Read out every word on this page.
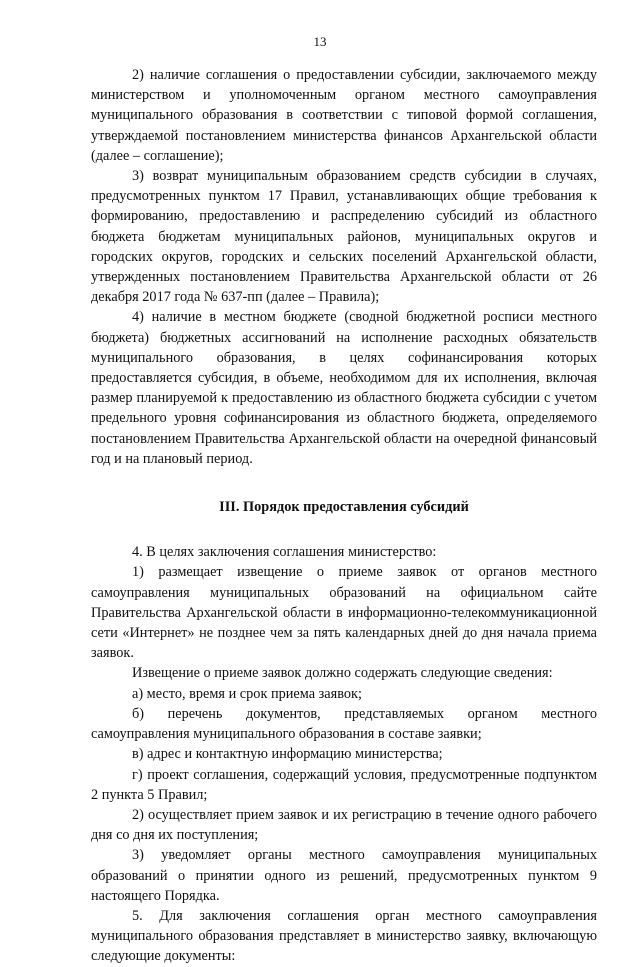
13

2) наличие соглашения о предоставлении субсидии, заключаемого между министерством и уполномоченным органом местного самоуправления муниципального образования в соответствии с типовой формой соглашения, утверждаемой постановлением министерства финансов Архангельской области (далее – соглашение);

3) возврат муниципальным образованием средств субсидии в случаях, предусмотренных пунктом 17 Правил, устанавливающих общие требования к формированию, предоставлению и распределению субсидий из областного бюджета бюджетам муниципальных районов, муниципальных округов и городских округов, городских и сельских поселений Архангельской области, утвержденных постановлением Правительства Архангельской области от 26 декабря 2017 года № 637-пп (далее – Правила);

4) наличие в местном бюджете (сводной бюджетной росписи местного бюджета) бюджетных ассигнований на исполнение расходных обязательств муниципального образования, в целях софинансирования которых предоставляется субсидия, в объеме, необходимом для их исполнения, включая размер планируемой к предоставлению из областного бюджета субсидии с учетом предельного уровня софинансирования из областного бюджета, определяемого постановлением Правительства Архангельской области на очередной финансовый год и на плановый период.

III. Порядок предоставления субсидий

4. В целях заключения соглашения министерство:

1) размещает извещение о приеме заявок от органов местного самоуправления муниципальных образований на официальном сайте Правительства Архангельской области в информационно-телекоммуникационной сети «Интернет» не позднее чем за пять календарных дней до дня начала приема заявок.

Извещение о приеме заявок должно содержать следующие сведения:

а) место, время и срок приема заявок;

б) перечень документов, представляемых органом местного самоуправления муниципального образования в составе заявки;

в) адрес и контактную информацию министерства;

г) проект соглашения, содержащий условия, предусмотренные подпунктом 2 пункта 5 Правил;

2) осуществляет прием заявок и их регистрацию в течение одного рабочего дня со дня их поступления;

3) уведомляет органы местного самоуправления муниципальных образований о принятии одного из решений, предусмотренных пунктом 9 настоящего Порядка.

5. Для заключения соглашения орган местного самоуправления муниципального образования представляет в министерство заявку, включающую следующие документы:
